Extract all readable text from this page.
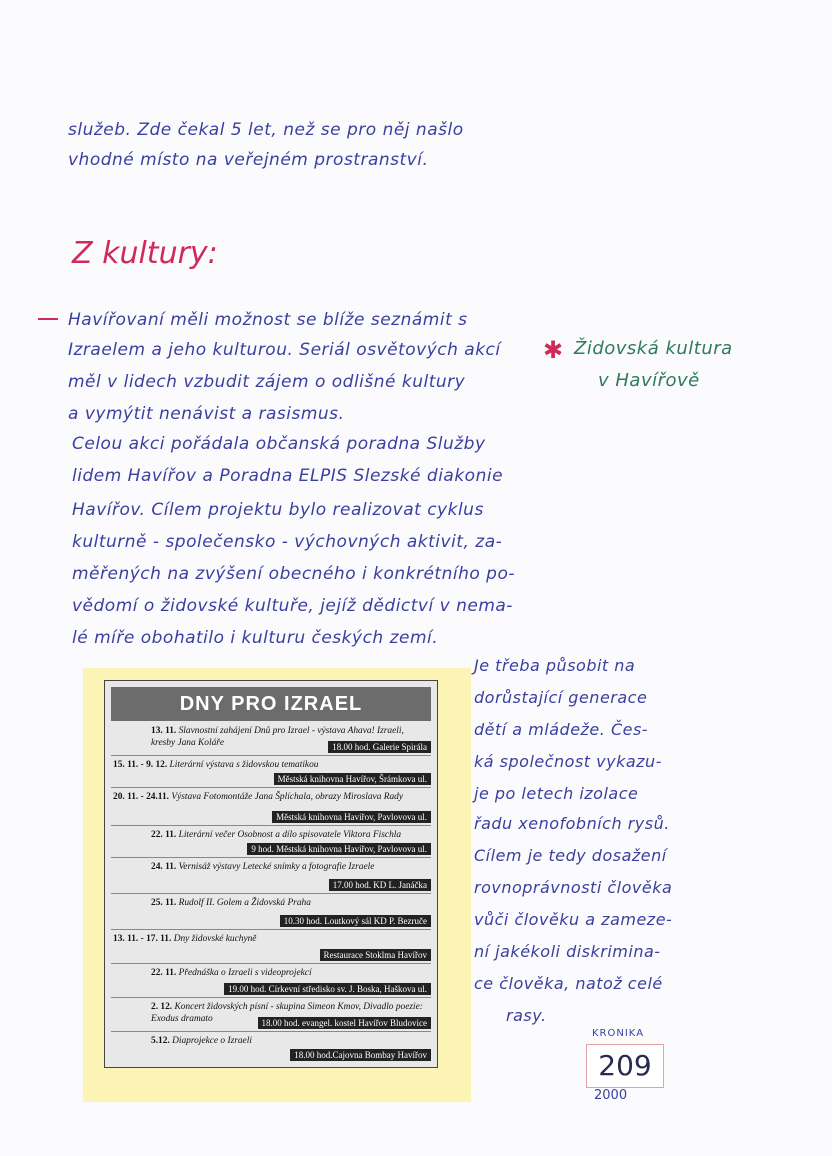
služeb. Zde čekal 5 let, než se pro něj našlo
vhodné místo na veřejném prostranství.
Z kultury:
Havířovaní měli možnost se blíže seznámit s
Izraelem a jeho kulturou. Seriál osvětových akcí
měl v lidech vzbudit zájem o odlišné kultury
a vymýtit nenávist a rasismus.
Celou akci pořádala občanská poradna Služby
lidem Havířov a Poradna ELPIS Slezské diakonie
Havířov. Cílem projektu bylo realizovat cyklus
kulturně - společensko - výchovných aktivit, za-
měřených na zvýšení obecného i konkrétního po-
vědomí o židovské kultuře, jejíž dědictví v nema-
lé míře obohatilo i kulturu českých zemí.
✱ Židovská kultura
v Havířově
Je třeba působit na
dorůstající generace
dětí a mládeže. Čes-
ká společnost vykazu-
je po letech izolace
řadu xenofobních rysů.
Cílem je tedy dosažení
rovnoprávnosti člověka
vůči člověku a zameze-
ní jakékoli diskrimina-
ce člověka, natož celé
rasy.
DNY PRO IZRAEL
13. 11. Slavnostní zahájení Dnů pro Izrael - výstava Ahava! Izraeli, kresby Jana Koláře	18.00 hod. Galerie Spirála
15. 11. - 9. 12. Literární výstava s židovskou tematikou
Městská knihovna Havířov, Šrámkova ul.
20. 11. - 24.11. Výstava Fotomontáže Jana Šplíchala, obrazy Miroslava Rady
Městská knihovna Havířov, Pavlovova ul.
22. 11. Literární večer Osobnost a dílo spisovatele Viktora Fischla
9 hod. Městská knihovna Havířov, Pavlovova ul.
24. 11. Vernisáž výstavy Letecké snímky a fotografie Izraele
17.00 hod. KD L. Janáčka
25. 11. Rudolf II. Golem a Židovská Praha
10.30 hod. Loutkový sál KD P. Bezruče
13. 11. - 17. 11. Dny židovské kuchyně
Restaurace Stoklma Havířov
22. 11. Přednáška o Izraeli s videoprojekcí
19.00 hod. Církevní středisko sv. J. Boska, Haškova ul.
2. 12. Koncert židovských písní - skupina Simeon Kmov, Divadlo poezie: Exodus dramato	18.00 hod. evangel. kostel Havířov Bludovice
5.12. Diaprojekce o Izraeli
18.00 hod.Cajovna Bombay Havířov
KRONIKA
209
2000
